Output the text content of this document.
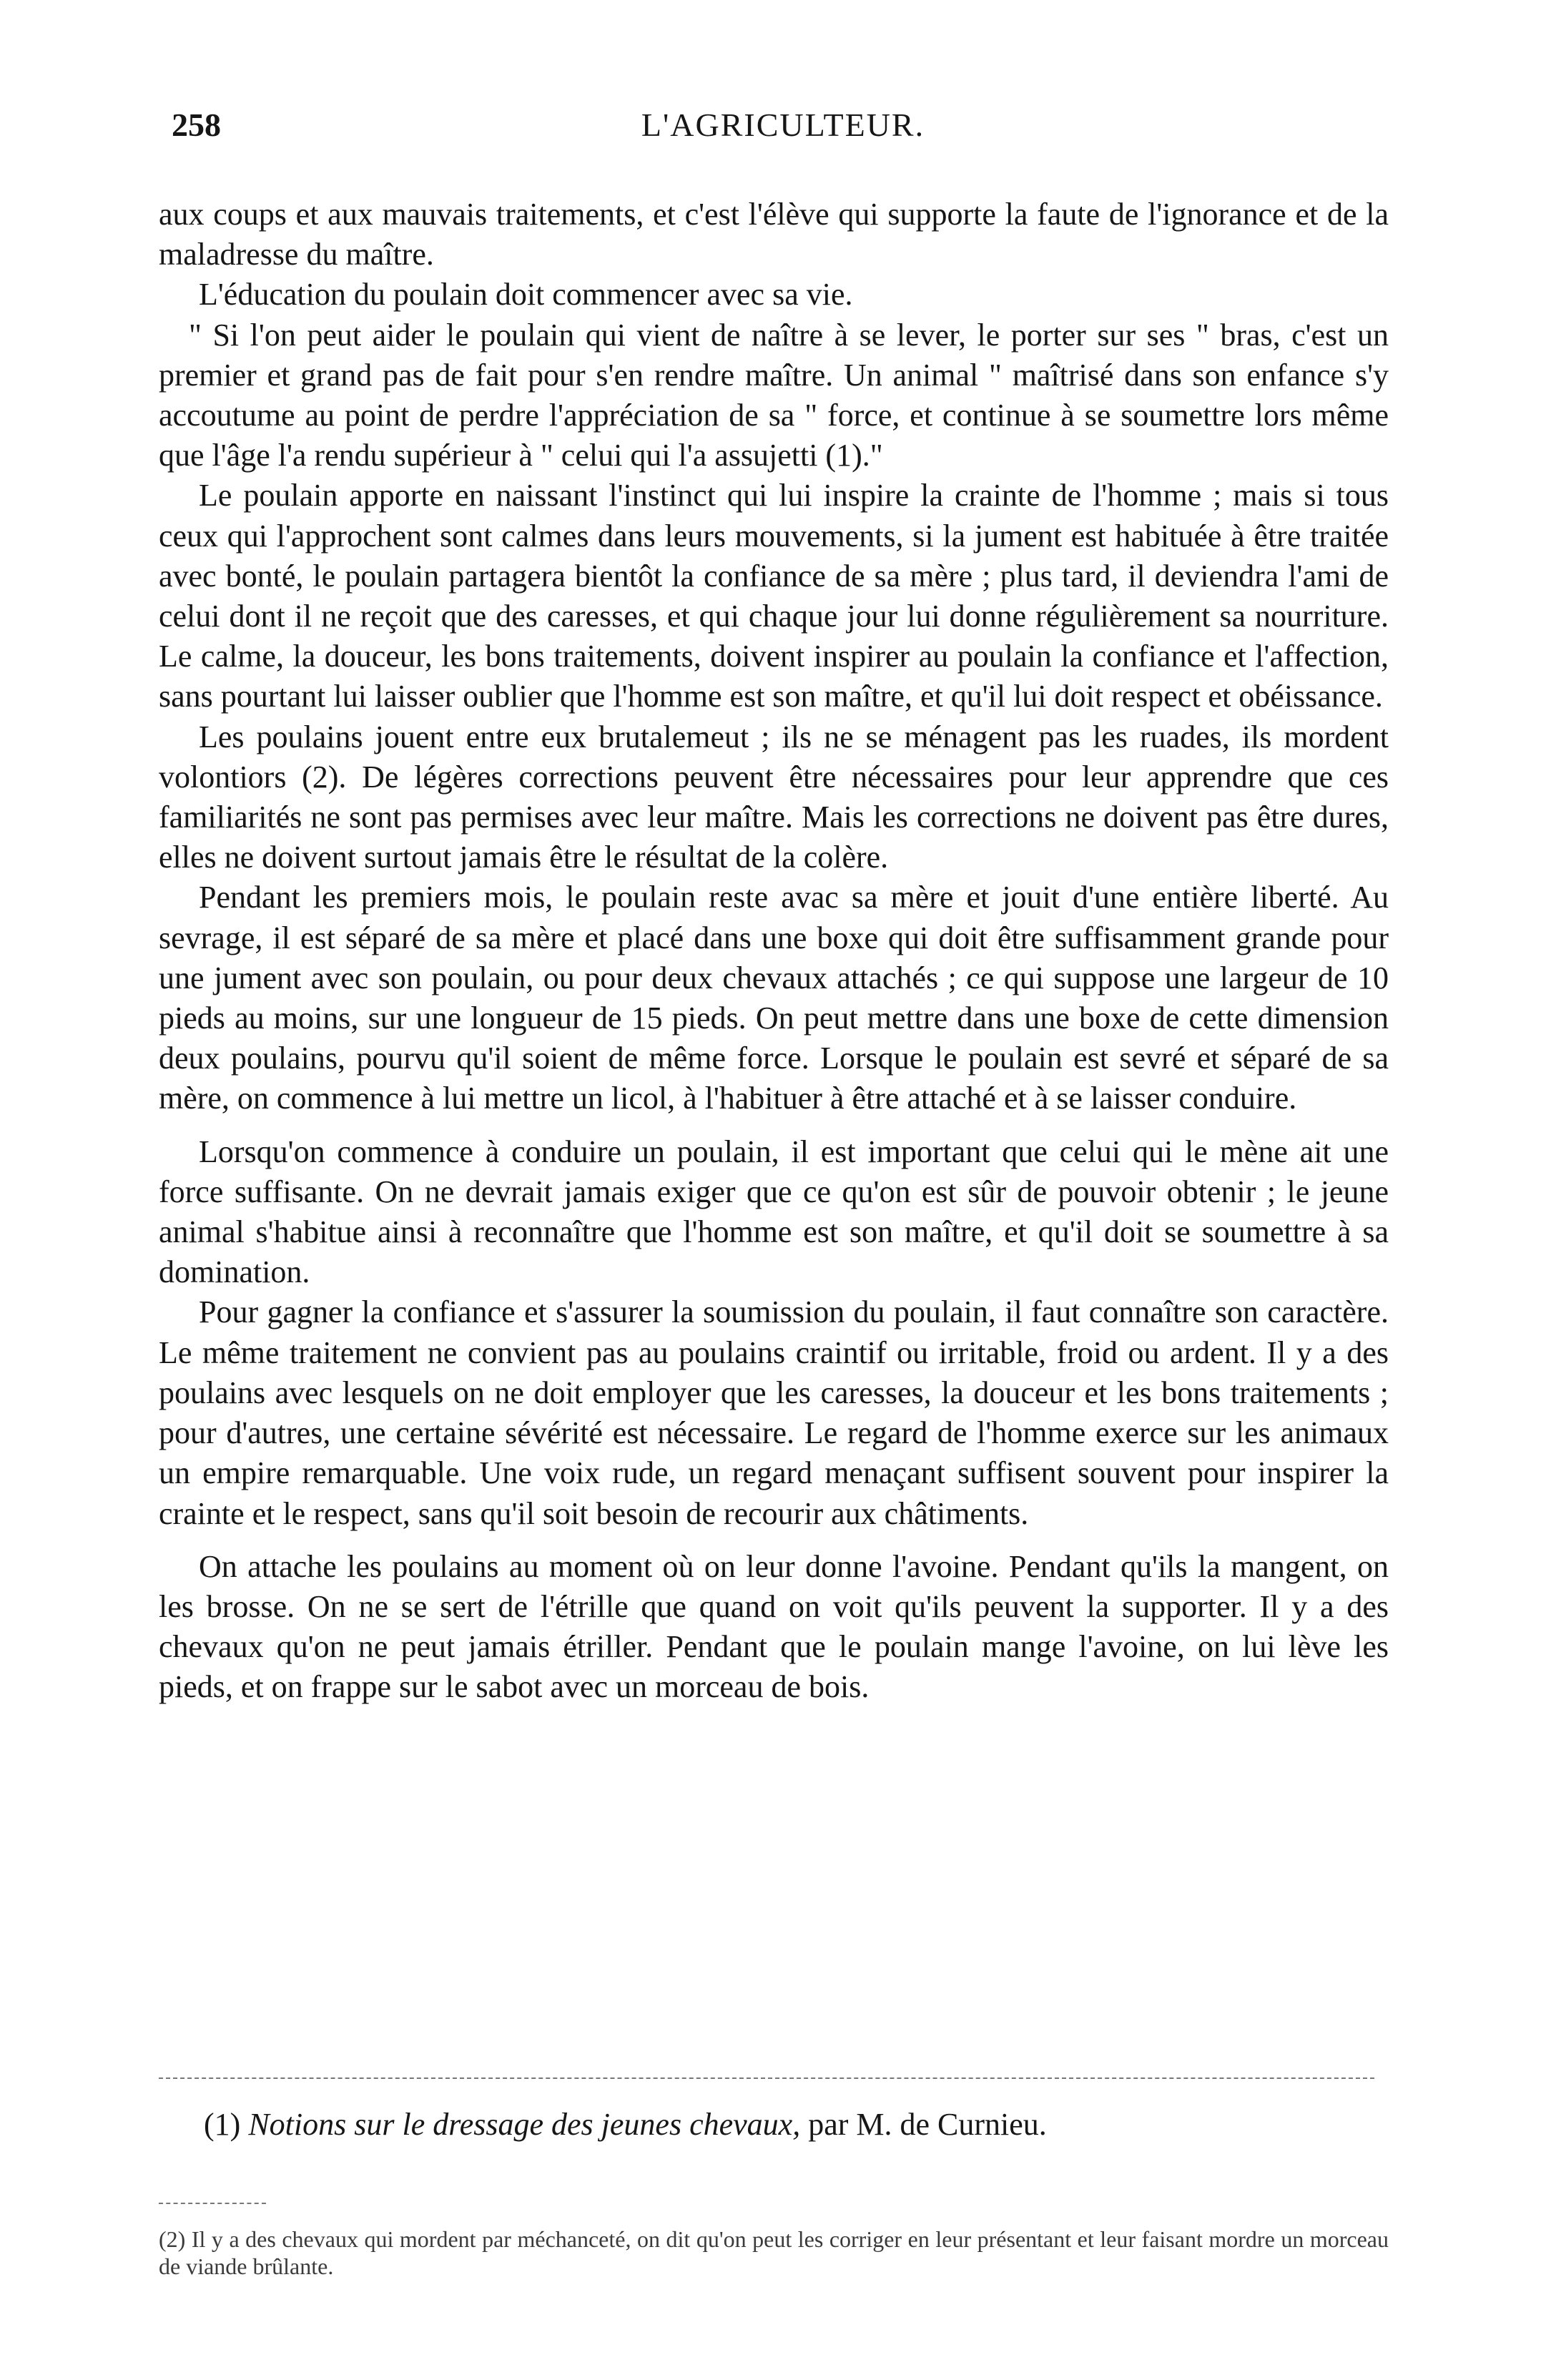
258	L'AGRICULTEUR.

aux coups et aux mauvais traitements, et c'est l'élève qui supporte la faute de l'ignorance et de la maladresse du maître.

L'éducation du poulain doit commencer avec sa vie.

" Si l'on peut aider le poulain qui vient de naître à se lever, le porter sur ses " bras, c'est un premier et grand pas de fait pour s'en rendre maître. Un animal " maîtrisé dans son enfance s'y accoutume au point de perdre l'appréciation de sa " force, et continue à se soumettre lors même que l'âge l'a rendu supérieur à " celui qui l'a assujetti (1)."

Le poulain apporte en naissant l'instinct qui lui inspire la crainte de l'homme ; mais si tous ceux qui l'approchent sont calmes dans leurs mouvements, si la jument est habituée à être traitée avec bonté, le poulain partagera bientôt la confiance de sa mère ; plus tard, il deviendra l'ami de celui dont il ne reçoit que des caresses, et qui chaque jour lui donne régulièrement sa nourriture. Le calme, la douceur, les bons traitements, doivent inspirer au poulain la confiance et l'affection, sans pourtant lui laisser oublier que l'homme est son maître, et qu'il lui doit respect et obéissance.

Les poulains jouent entre eux brutalemeut ; ils ne se ménagent pas les ruades, ils mordent volontiors (2). De légères corrections peuvent être nécessaires pour leur apprendre que ces familiarités ne sont pas permises avec leur maître. Mais les corrections ne doivent pas être dures, elles ne doivent surtout jamais être le résultat de la colère.

Pendant les premiers mois, le poulain reste avac sa mère et jouit d'une entière liberté. Au sevrage, il est séparé de sa mère et placé dans une boxe qui doit être suffisamment grande pour une jument avec son poulain, ou pour deux chevaux attachés ; ce qui suppose une largeur de 10 pieds au moins, sur une longueur de 15 pieds. On peut mettre dans une boxe de cette dimension deux poulains, pourvu qu'il soient de même force. Lorsque le poulain est sevré et séparé de sa mère, on commence à lui mettre un licol, à l'habituer à être attaché et à se laisser conduire.

Lorsqu'on commence à conduire un poulain, il est important que celui qui le mène ait une force suffisante. On ne devrait jamais exiger que ce qu'on est sûr de pouvoir obtenir ; le jeune animal s'habitue ainsi à reconnaître que l'homme est son maître, et qu'il doit se soumettre à sa domination.

Pour gagner la confiance et s'assurer la soumission du poulain, il faut connaître son caractère. Le même traitement ne convient pas au poulains craintif ou irritable, froid ou ardent. Il y a des poulains avec lesquels on ne doit employer que les caresses, la douceur et les bons traitements ; pour d'autres, une certaine sévérité est nécessaire. Le regard de l'homme exerce sur les animaux un empire remarquable. Une voix rude, un regard menaçant suffisent souvent pour inspirer la crainte et le respect, sans qu'il soit besoin de recourir aux châtiments.

On attache les poulains au moment où on leur donne l'avoine. Pendant qu'ils la mangent, on les brosse. On ne se sert de l'étrille que quand on voit qu'ils peuvent la supporter. Il y a des chevaux qu'on ne peut jamais étriller. Pendant que le poulain mange l'avoine, on lui lève les pieds, et on frappe sur le sabot avec un morceau de bois.

(1) Notions sur le dressage des jeunes chevaux, par M. de Curnieu.
(2) Il y a des chevaux qui mordent par méchanceté, on dit qu'on peut les corriger en leur présentant et leur faisant mordre un morceau de viande brûlante.
